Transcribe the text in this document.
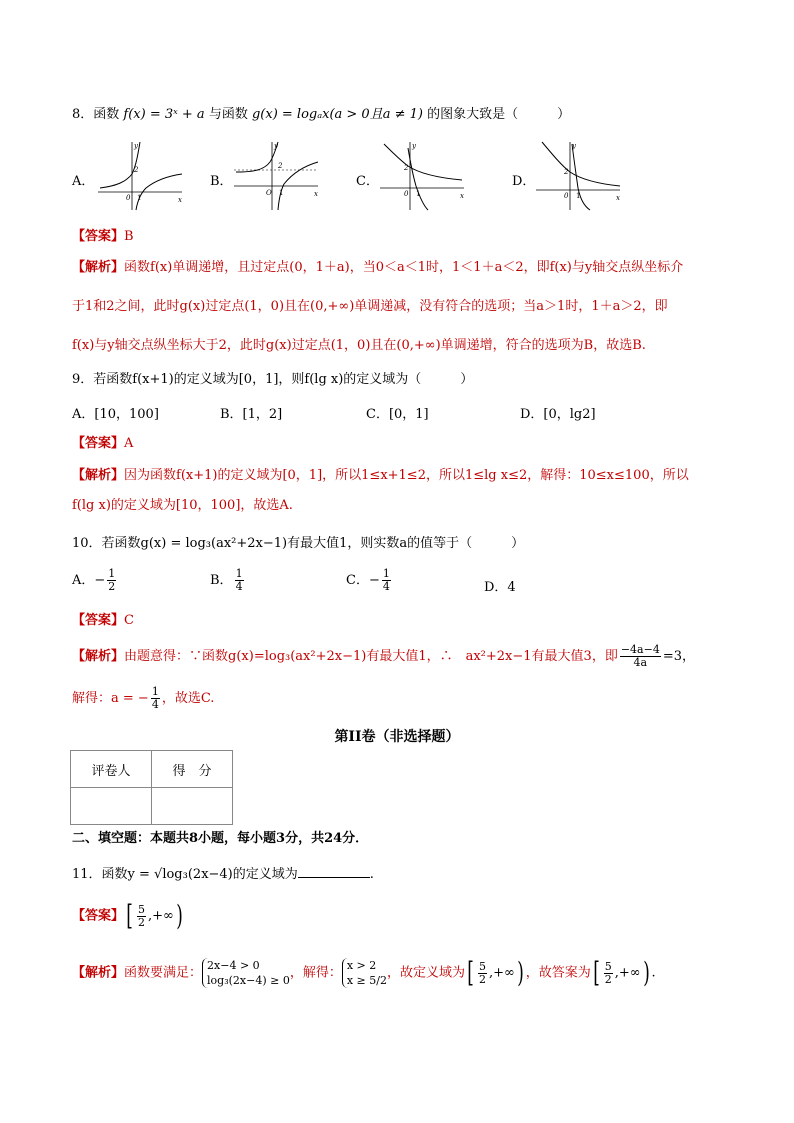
8．函数 f(x) = 3ˣ + a 与函数 g(x) = logₐx(a > 0且a ≠ 1) 的图象大致是（　　　）
A．
2
0 1
y
x
B．
2
O 1
y
x
C．
2
0 1
y
x
D．
2
0 1
y
x
【答案】B
【解析】函数f(x)单调递增，且过定点(0，1＋a)，当0＜a＜1时，1＜1＋a＜2，即f(x)与y轴交点纵坐标介
于1和2之间，此时g(x)过定点(1，0)且在(0,+∞)单调递减，没有符合的选项；当a＞1时，1＋a＞2，即
f(x)与y轴交点纵坐标大于2，此时g(x)过定点(1，0)且在(0,+∞)单调递增，符合的选项为B，故选B.
9．若函数f(x+1)的定义域为[0，1]，则f(lg x)的定义域为（　　　）
A．[10，100]	B．[1，2]	C．[0，1]	D．[0，lg2]
【答案】A
【解析】因为函数f(x+1)的定义域为[0，1]，所以1≤x+1≤2，所以1≤lg x≤2，解得：10≤x≤100，所以
f(lg x)的定义域为[10，100]，故选A.
10．若函数g(x) = log₃(ax²+2x−1)有最大值1，则实数a的值等于（　　　）
A．− $\frac{1}{2}$	B． $\frac{1}{4}$	C．− $\frac{1}{4}$	D．4
【答案】C
【解析】由题意得：∵函数g(x)=log₃(ax²+2x−1)有最大值1，∴　ax²+2x−1有最大值3，即 $\frac{-4a-4}{4a} =3$，
解得：a = − $\frac{1}{4}$ ，故选C.
第II卷（非选择题）
评卷人	得　分

二、填空题：本题共8小题，每小题3分，共24分．
11．函数y = √log₃(2x−4)的定义域为	.
【答案】[ $\frac{5}{2}$ ,+∞)
【解析】函数要满足： 2x−4 > 0
log₃(2x−4) ≥ 0 ，解得： x > 2
x ≥ 5/2 ，故定义域为[ $\frac{5}{2}$ ,+∞) ，故答案为[ $\frac{5}{2}$ ,+∞) .
